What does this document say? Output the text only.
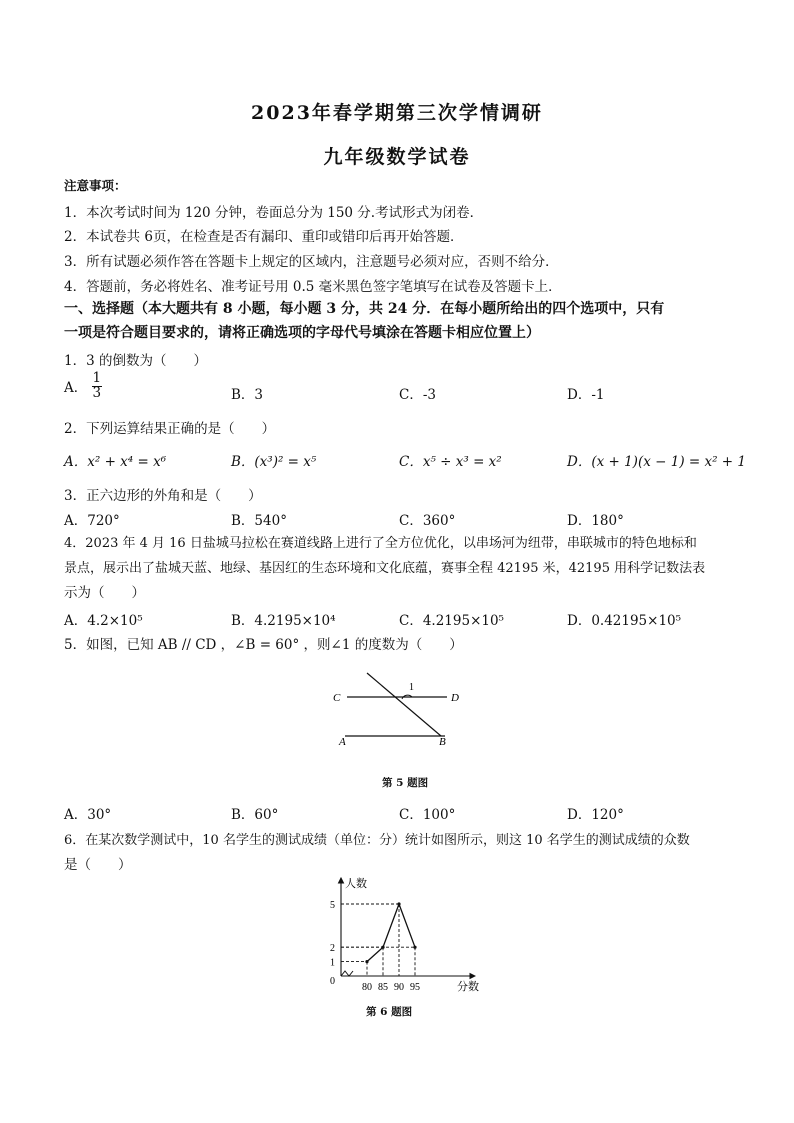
2023年春学期第三次学情调研
九年级数学试卷
注意事项：
1．本次考试时间为 120 分钟，卷面总分为 150 分.考试形式为闭卷．
2．本试卷共 6页，在检查是否有漏印、重印或错印后再开始答题．
3．所有试题必须作答在答题卡上规定的区域内，注意题号必须对应，否则不给分．
4．答题前，务必将姓名、准考证号用 0.5 毫米黑色签字笔填写在试卷及答题卡上．
一、选择题（本大题共有 8 小题，每小题 3 分，共 24 分．在每小题所给出的四个选项中，只有
一项是符合题目要求的，请将正确选项的字母代号填涂在答题卡相应位置上）
1．3 的倒数为（　　）
A． $\frac{1}{3}$	B．3	C．-3	D．-1
2．下列运算结果正确的是（　　）
A．x² + x⁴ = x⁶	B．(x³)² = x⁵	C．x⁵ ÷ x³ = x²	D．(x + 1)(x − 1) = x² + 1
3．正六边形的外角和是（　　）
A．720°	B．540°	C．360°	D．180°
4．2023 年 4 月 16 日盐城马拉松在赛道线路上进行了全方位优化，以串场河为纽带，串联城市的特色地标和
景点，展示出了盐城天蓝、地绿、基因红的生态环境和文化底蕴，赛事全程 42195 米，42195 用科学记数法表
示为（　　）
A．4.2×10⁵	B．4.2195×10⁴	C．4.2195×10⁵	D．0.42195×10⁵
5．如图，已知 AB // CD ，∠B = 60° ，则∠1 的度数为（　　）
C	D
A	B
1
第 5 题图
A．30°	B．60°	C．100°	D．120°
6．在某次数学测试中，10 名学生的测试成绩（单位：分）统计如图所示，则这 10 名学生的测试成绩的众数
是（　　）
0
人数
分数
1
2
5
80 85 90 95
第 6 题图
